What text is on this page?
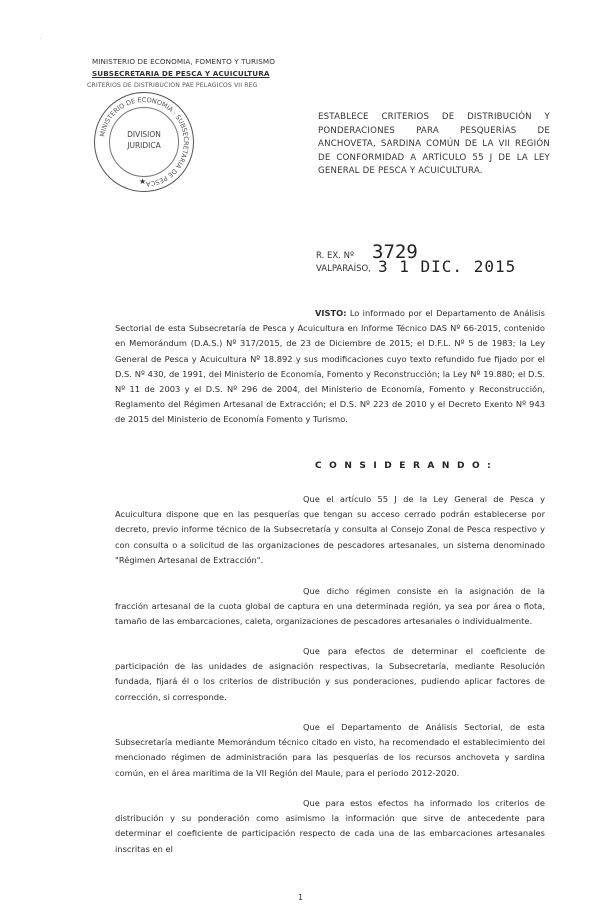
·
MINISTERIO DE ECONOMIA, FOMENTO Y TURISMO
SUBSECRETARIA DE PESCA Y ACUICULTURA
CRITERIOS DE DISTRIBUCION PAE PELAGICOS VII REG
MINISTERIO DE ECONOMIA · SUBSECRETARIA DE PESCA
DIVISION
JURIDICA
★
ESTABLECE CRITERIOS DE DISTRIBUCIÓN Y PONDERACIONES PARA PESQUERÍAS DE ANCHOVETA, SARDINA COMÚN DE LA VII REGIÓN DE CONFORMIDAD A ARTÍCULO 55 J DE LA LEY GENERAL DE PESCA Y ACUICULTURA.
R. EX. Nº 3729
VALPARAÍSO, 3 1 DIC. 2015
VISTO: Lo informado por el Departamento de Análisis Sectorial de esta Subsecretaría de Pesca y Acuicultura en Informe Técnico DAS Nº 66-2015, contenido en Memorándum (D.A.S.) Nº 317/2015, de 23 de Diciembre de 2015; el D.F.L. Nº 5 de 1983; la Ley General de Pesca y Acuicultura Nº 18.892 y sus modificaciones cuyo texto refundido fue fijado por el D.S. Nº 430, de 1991, del Ministerio de Economía, Fomento y Reconstrucción; la Ley Nº 19.880; el D.S. Nº 11 de 2003 y el D.S. Nº 296 de 2004, del Ministerio de Economía, Fomento y Reconstrucción, Reglamento del Régimen Artesanal de Extracción; el D.S. Nº 223 de 2010 y el Decreto Exento Nº 943 de 2015 del Ministerio de Economía Fomento y Turismo.
C O N S I D E R A N D O :
Que el artículo 55 J de la Ley General de Pesca y Acuicultura dispone que en las pesquerías que tengan su acceso cerrado podrán establecerse por decreto, previo informe técnico de la Subsecretaría y consulta al Consejo Zonal de Pesca respectivo y con consulta o a solicitud de las organizaciones de pescadores artesanales, un sistema denominado "Régimen Artesanal de Extracción".
Que dicho régimen consiste en la asignación de la fracción artesanal de la cuota global de captura en una determinada región, ya sea por área o flota, tamaño de las embarcaciones, caleta, organizaciones de pescadores artesanales o individualmente.
Que para efectos de determinar el coeficiente de participación de las unidades de asignación respectivas, la Subsecretaría, mediante Resolución fundada, fijará él o los criterios de distribución y sus ponderaciones, pudiendo aplicar factores de corrección, si corresponde.
Que el Departamento de Análisis Sectorial, de esta Subsecretaría mediante Memorándum técnico citado en visto, ha recomendado el establecimiento del mencionado régimen de administración para las pesquerías de los recursos anchoveta y sardina común, en el área marítima de la VII Región del Maule, para el periodo 2012-2020.
Que para estos efectos ha informado los criterios de distribución y su ponderación como asimismo la información que sirve de antecedente para determinar el coeficiente de participación respecto de cada una de las embarcaciones artesanales inscritas en el
1
